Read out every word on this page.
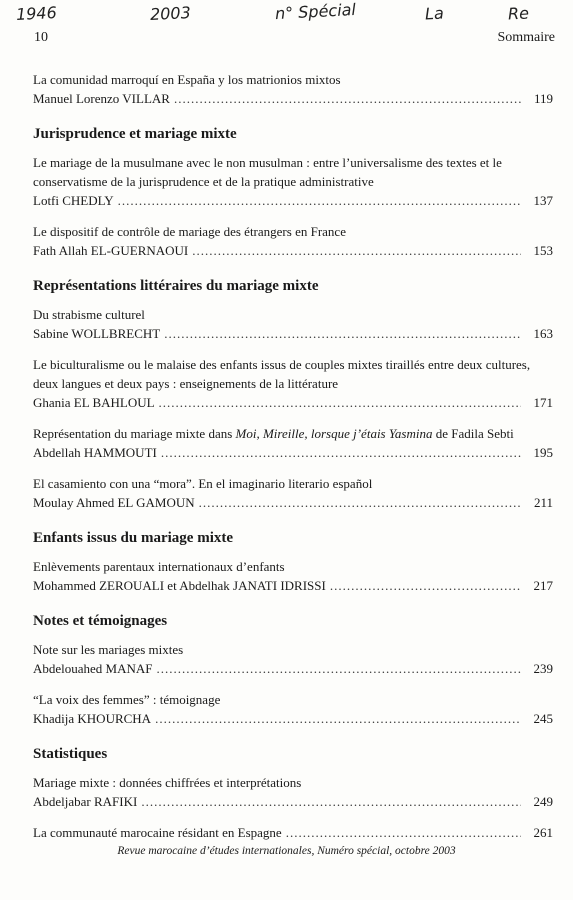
1946	2003	n° Spécial	La	Re
10	Sommaire
La comunidad marroquí en España y los matrionios mixtos
Manuel Lorenzo VILLAR .....	119
Jurisprudence et mariage mixte
Le mariage de la musulmane avec le non musulman : entre l’universalisme des textes et le conservatisme de la jurisprudence et de la pratique administrative
Lotfi CHEDLY .....	137
Le dispositif de contrôle de mariage des étrangers en France
Fath Allah EL-GUERNAOUI .....	153
Représentations littéraires du mariage mixte
Du strabisme culturel
Sabine WOLLBRECHT .....	163
Le biculturalisme ou le malaise des enfants issus de couples mixtes tiraillés entre deux cultures, deux langues et deux pays : enseignements de la littérature
Ghania EL BAHLOUL .....	171
Représentation du mariage mixte dans Moi, Mireille, lorsque j’étais Yasmina de Fadila Sebti
Abdellah HAMMOUTI .....	195
El casamiento con una “mora”. En el imaginario literario español
Moulay Ahmed EL GAMOUN .....	211
Enfants issus du mariage mixte
Enlèvements parentaux internationaux d’enfants
Mohammed ZEROUALI et Abdelhak JANATI IDRISSI .....	217
Notes et témoignages
Note sur les mariages mixtes
Abdelouahed MANAF .....	239
“La voix des femmes” : témoignage
Khadija KHOURCHA .....	245
Statistiques
Mariage mixte : données chiffrées et interprétations
Abdeljabar RAFIKI .....	249
La communauté marocaine résidant en Espagne .....	261
Revue marocaine d’études internationales, Numéro spécial, octobre 2003
